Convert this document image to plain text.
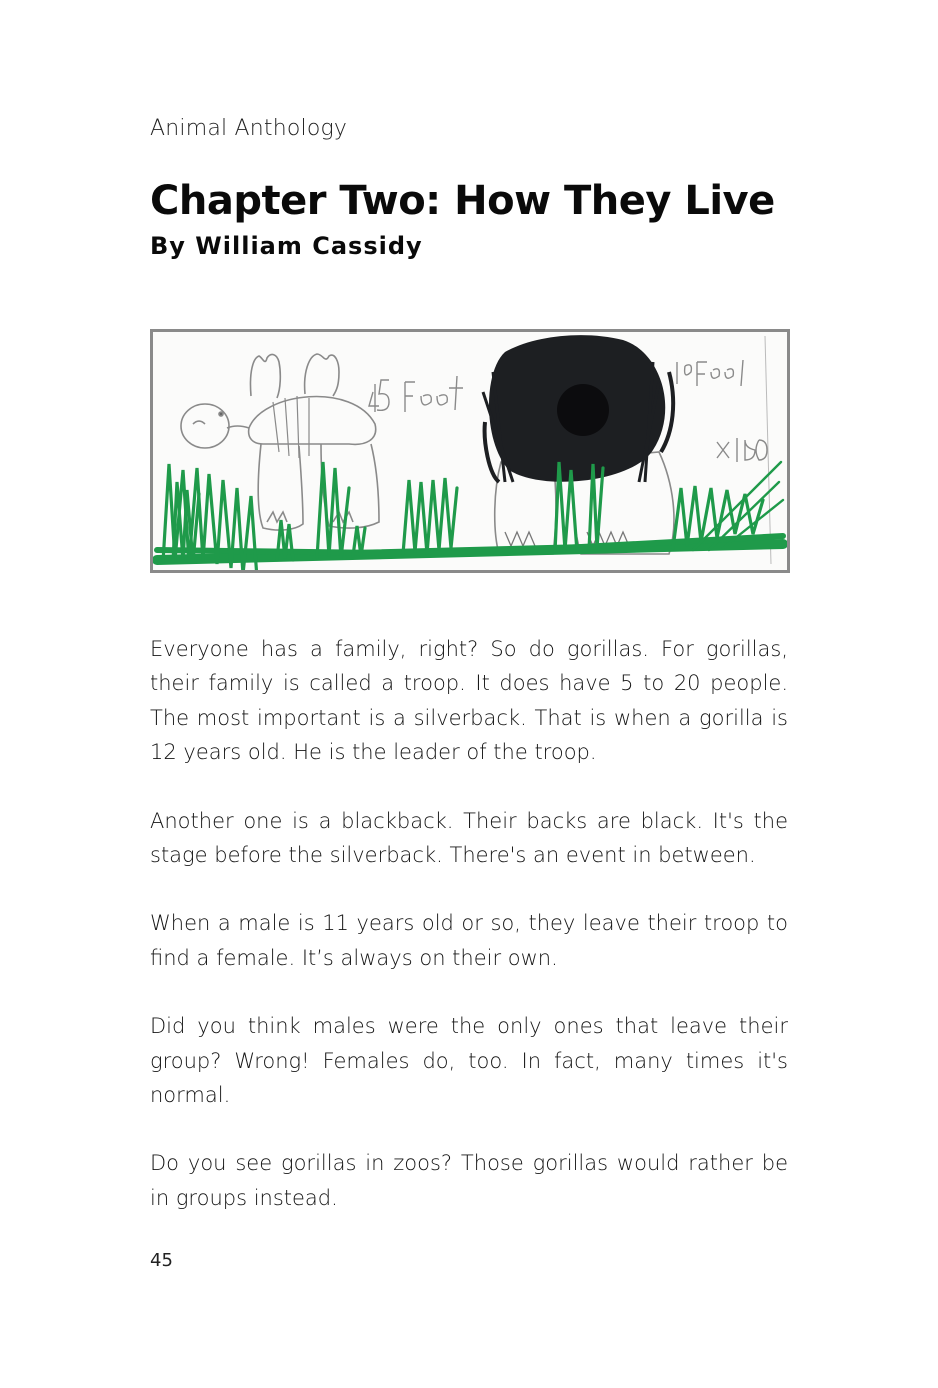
Animal Anthology
Chapter Two: How They Live
By William Cassidy

Everyone has a family, right? So do gorillas. For gorillas, their family is called a troop. It does have 5 to 20 people. The most important is a silverback. That is when a gorilla is 12 years old. He is the leader of the troop.

Another one is a blackback. Their backs are black. It's the stage before the silverback. There's an event in between.

When a male is 11 years old or so, they leave their troop to find a female. It’s always on their own.

Did you think males were the only ones that leave their group? Wrong! Females do, too. In fact, many times it's normal.

Do you see gorillas in zoos? Those gorillas would rather be in groups instead.

45
